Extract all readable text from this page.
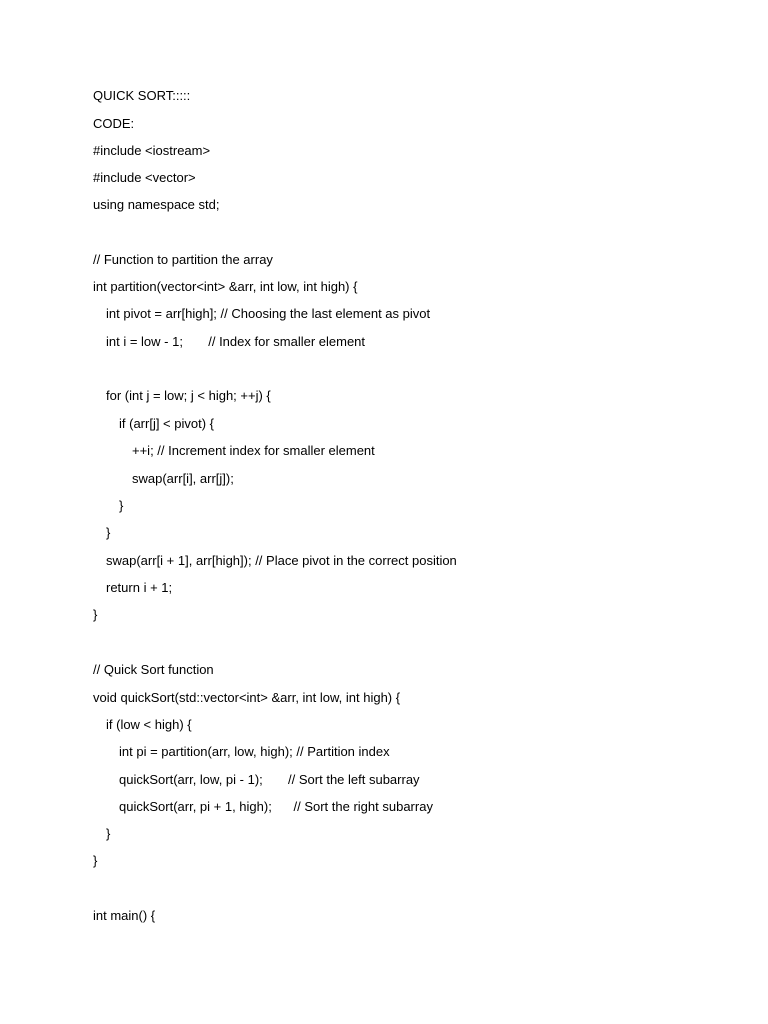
QUICK SORT:::::
CODE:
#include <iostream>
#include <vector>
using namespace std;
// Function to partition the array
int partition(vector<int> &arr, int low, int high) {
int pivot = arr[high]; // Choosing the last element as pivot
int i = low - 1;       // Index for smaller element
for (int j = low; j < high; ++j) {
if (arr[j] < pivot) {
++i; // Increment index for smaller element
swap(arr[i], arr[j]);
}
}
swap(arr[i + 1], arr[high]); // Place pivot in the correct position
return i + 1;
}
// Quick Sort function
void quickSort(std::vector<int> &arr, int low, int high) {
if (low < high) {
int pi = partition(arr, low, high); // Partition index
quickSort(arr, low, pi - 1);       // Sort the left subarray
quickSort(arr, pi + 1, high);      // Sort the right subarray
}
}
int main() {
